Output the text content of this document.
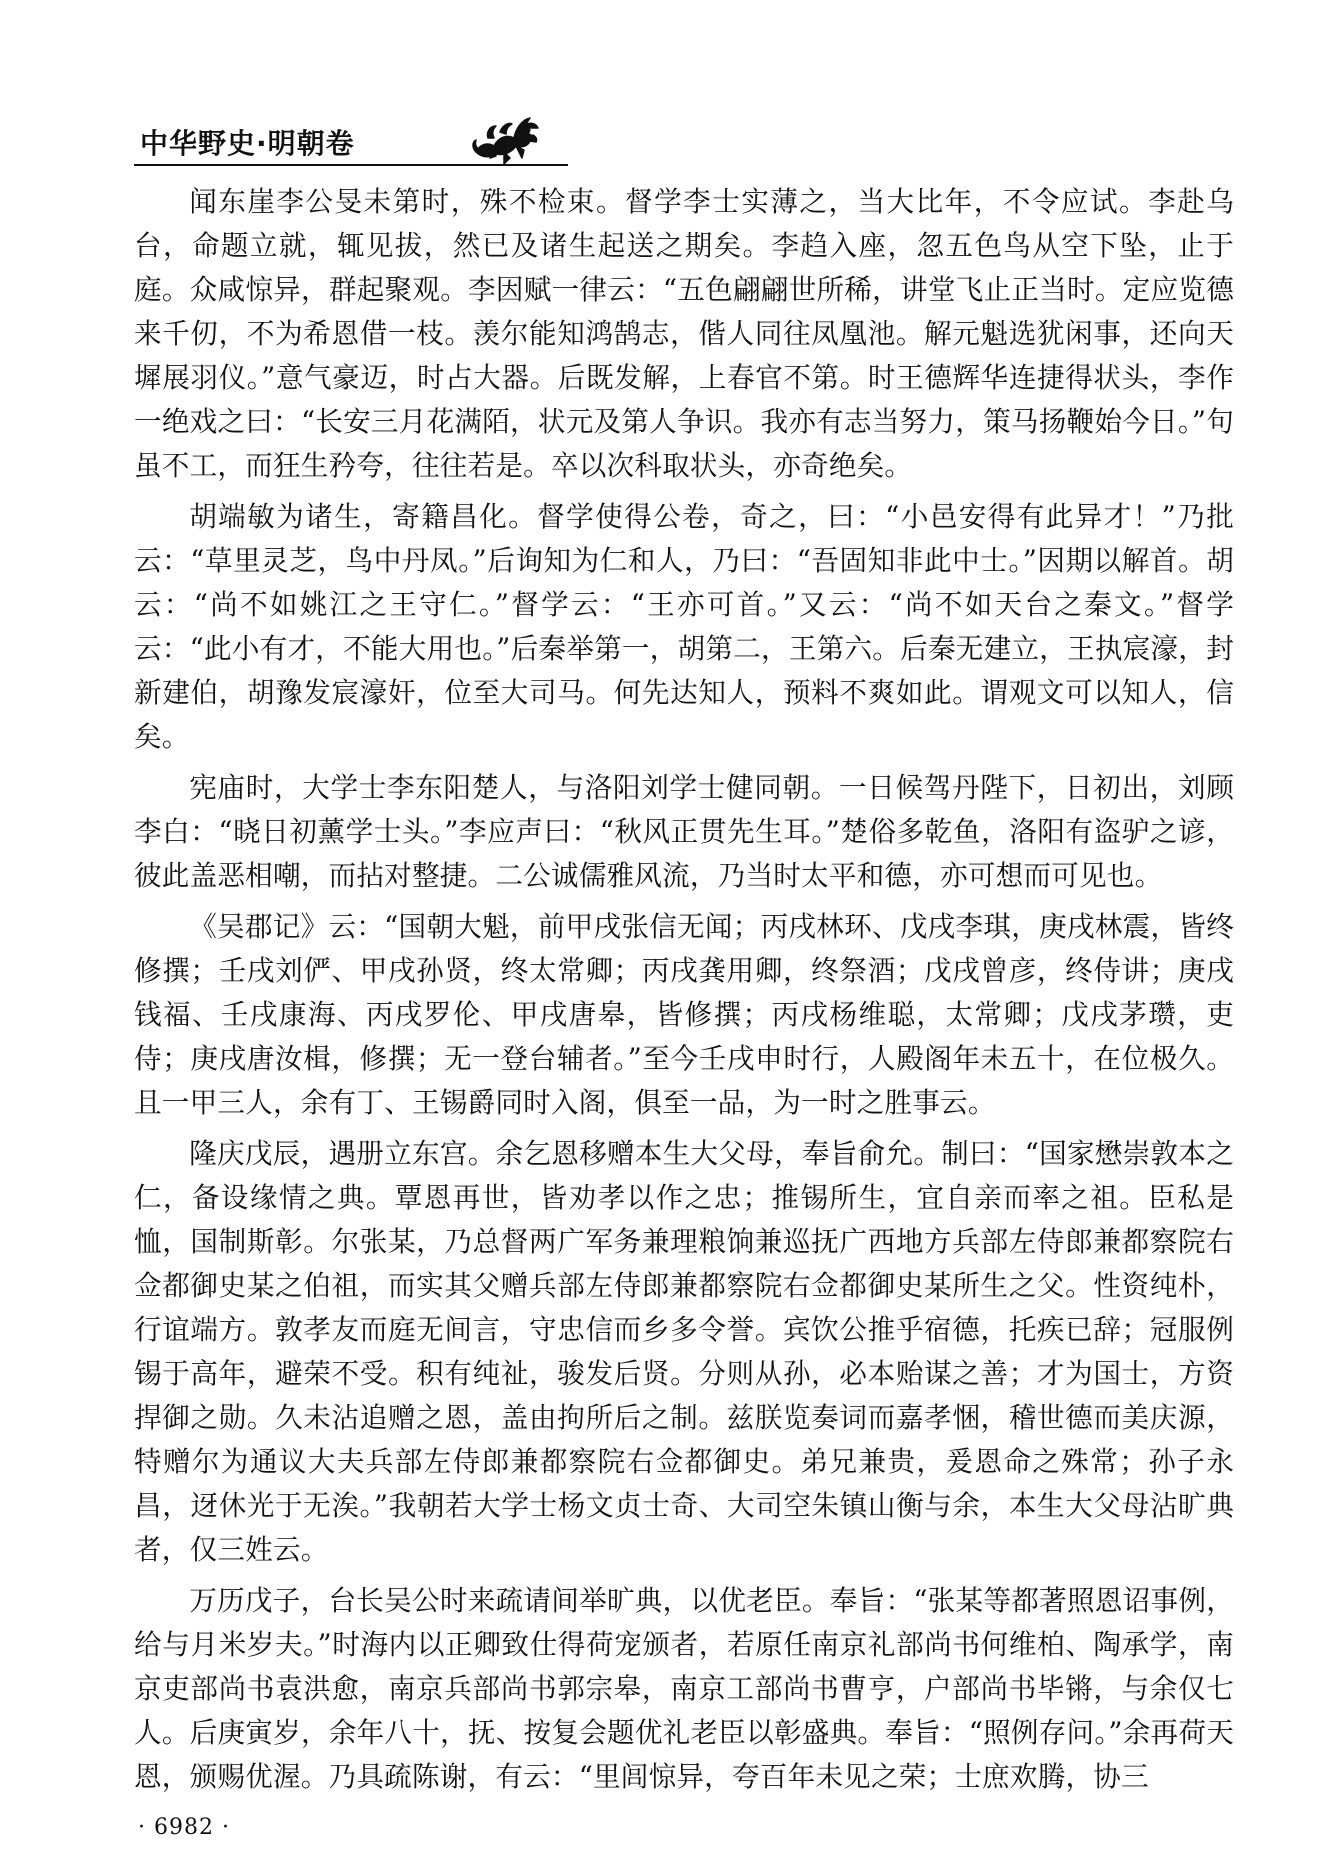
中华野史·明朝卷

闻东崖李公旻未第时，殊不检束。督学李士实薄之，当大比年，不令应试。李赴乌台，命题立就，辄见拔，然已及诸生起送之期矣。李趋入座，忽五色鸟从空下坠，止于庭。众咸惊异，群起聚观。李因赋一律云：“五色翩翩世所稀，讲堂飞止正当时。定应览德来千仞，不为希恩借一枝。羡尔能知鸿鹄志，偕人同往凤凰池。解元魁选犹闲事，还向天墀展羽仪。”意气豪迈，时占大器。后既发解，上春官不第。时王德辉华连捷得状头，李作一绝戏之曰：“长安三月花满陌，状元及第人争识。我亦有志当努力，策马扬鞭始今日。”句虽不工，而狂生矜夸，往往若是。卒以次科取状头，亦奇绝矣。

胡端敏为诸生，寄籍昌化。督学使得公卷，奇之，曰：“小邑安得有此异才！”乃批云：“草里灵芝，鸟中丹凤。”后询知为仁和人，乃曰：“吾固知非此中士。”因期以解首。胡云：“尚不如姚江之王守仁。”督学云：“王亦可首。”又云：“尚不如天台之秦文。”督学云：“此小有才，不能大用也。”后秦举第一，胡第二，王第六。后秦无建立，王执宸濠，封新建伯，胡豫发宸濠奸，位至大司马。何先达知人，预料不爽如此。谓观文可以知人，信矣。

宪庙时，大学士李东阳楚人，与洛阳刘学士健同朝。一日候驾丹陛下，日初出，刘顾李白：“晓日初薰学士头。”李应声曰：“秋风正贯先生耳。”楚俗多乾鱼，洛阳有盗驴之谚，彼此盖恶相嘲，而拈对整捷。二公诚儒雅风流，乃当时太平和德，亦可想而可见也。

《吴郡记》云：“国朝大魁，前甲戌张信无闻；丙戌林环、戊戌李琪，庚戌林震，皆终修撰；壬戌刘俨、甲戌孙贤，终太常卿；丙戌龚用卿，终祭酒；戊戌曾彦，终侍讲；庚戌钱福、壬戌康海、丙戌罗伦、甲戌唐皋，皆修撰；丙戌杨维聪，太常卿；戊戌茅瓒，吏侍；庚戌唐汝楫，修撰；无一登台辅者。”至今壬戌申时行，人殿阁年未五十，在位极久。且一甲三人，余有丁、王锡爵同时入阁，俱至一品，为一时之胜事云。

隆庆戊辰，遇册立东宫。余乞恩移赠本生大父母，奉旨俞允。制曰：“国家懋崇敦本之仁，备设缘情之典。覃恩再世，皆劝孝以作之忠；推锡所生，宜自亲而率之祖。臣私是恤，国制斯彰。尔张某，乃总督两广军务兼理粮饷兼巡抚广西地方兵部左侍郎兼都察院右佥都御史某之伯祖，而实其父赠兵部左侍郎兼都察院右佥都御史某所生之父。性资纯朴，行谊端方。敦孝友而庭无间言，守忠信而乡多令誉。宾饮公推乎宿德，托疾已辞；冠服例锡于高年，避荣不受。积有纯祉，骏发后贤。分则从孙，必本贻谋之善；才为国士，方资捍御之勋。久未沾追赠之恩，盖由拘所后之制。兹朕览奏词而嘉孝悃，稽世德而美庆源，特赠尔为通议大夫兵部左侍郎兼都察院右佥都御史。弟兄兼贵，爰恩命之殊常；孙子永昌，迓休光于无涘。”我朝若大学士杨文贞士奇、大司空朱镇山衡与余，本生大父母沾旷典者，仅三姓云。

万历戊子，台长吴公时来疏请间举旷典，以优老臣。奉旨：“张某等都著照恩诏事例，给与月米岁夫。”时海内以正卿致仕得荷宠颁者，若原任南京礼部尚书何维柏、陶承学，南京吏部尚书袁洪愈，南京兵部尚书郭宗皋，南京工部尚书曹亨，户部尚书毕锵，与余仅七人。后庚寅岁，余年八十，抚、按复会题优礼老臣以彰盛典。奉旨：“照例存问。”余再荷天恩，颁赐优渥。乃具疏陈谢，有云：“里闾惊异，夸百年未见之荣；士庶欢腾，协三

· 6982 ·
